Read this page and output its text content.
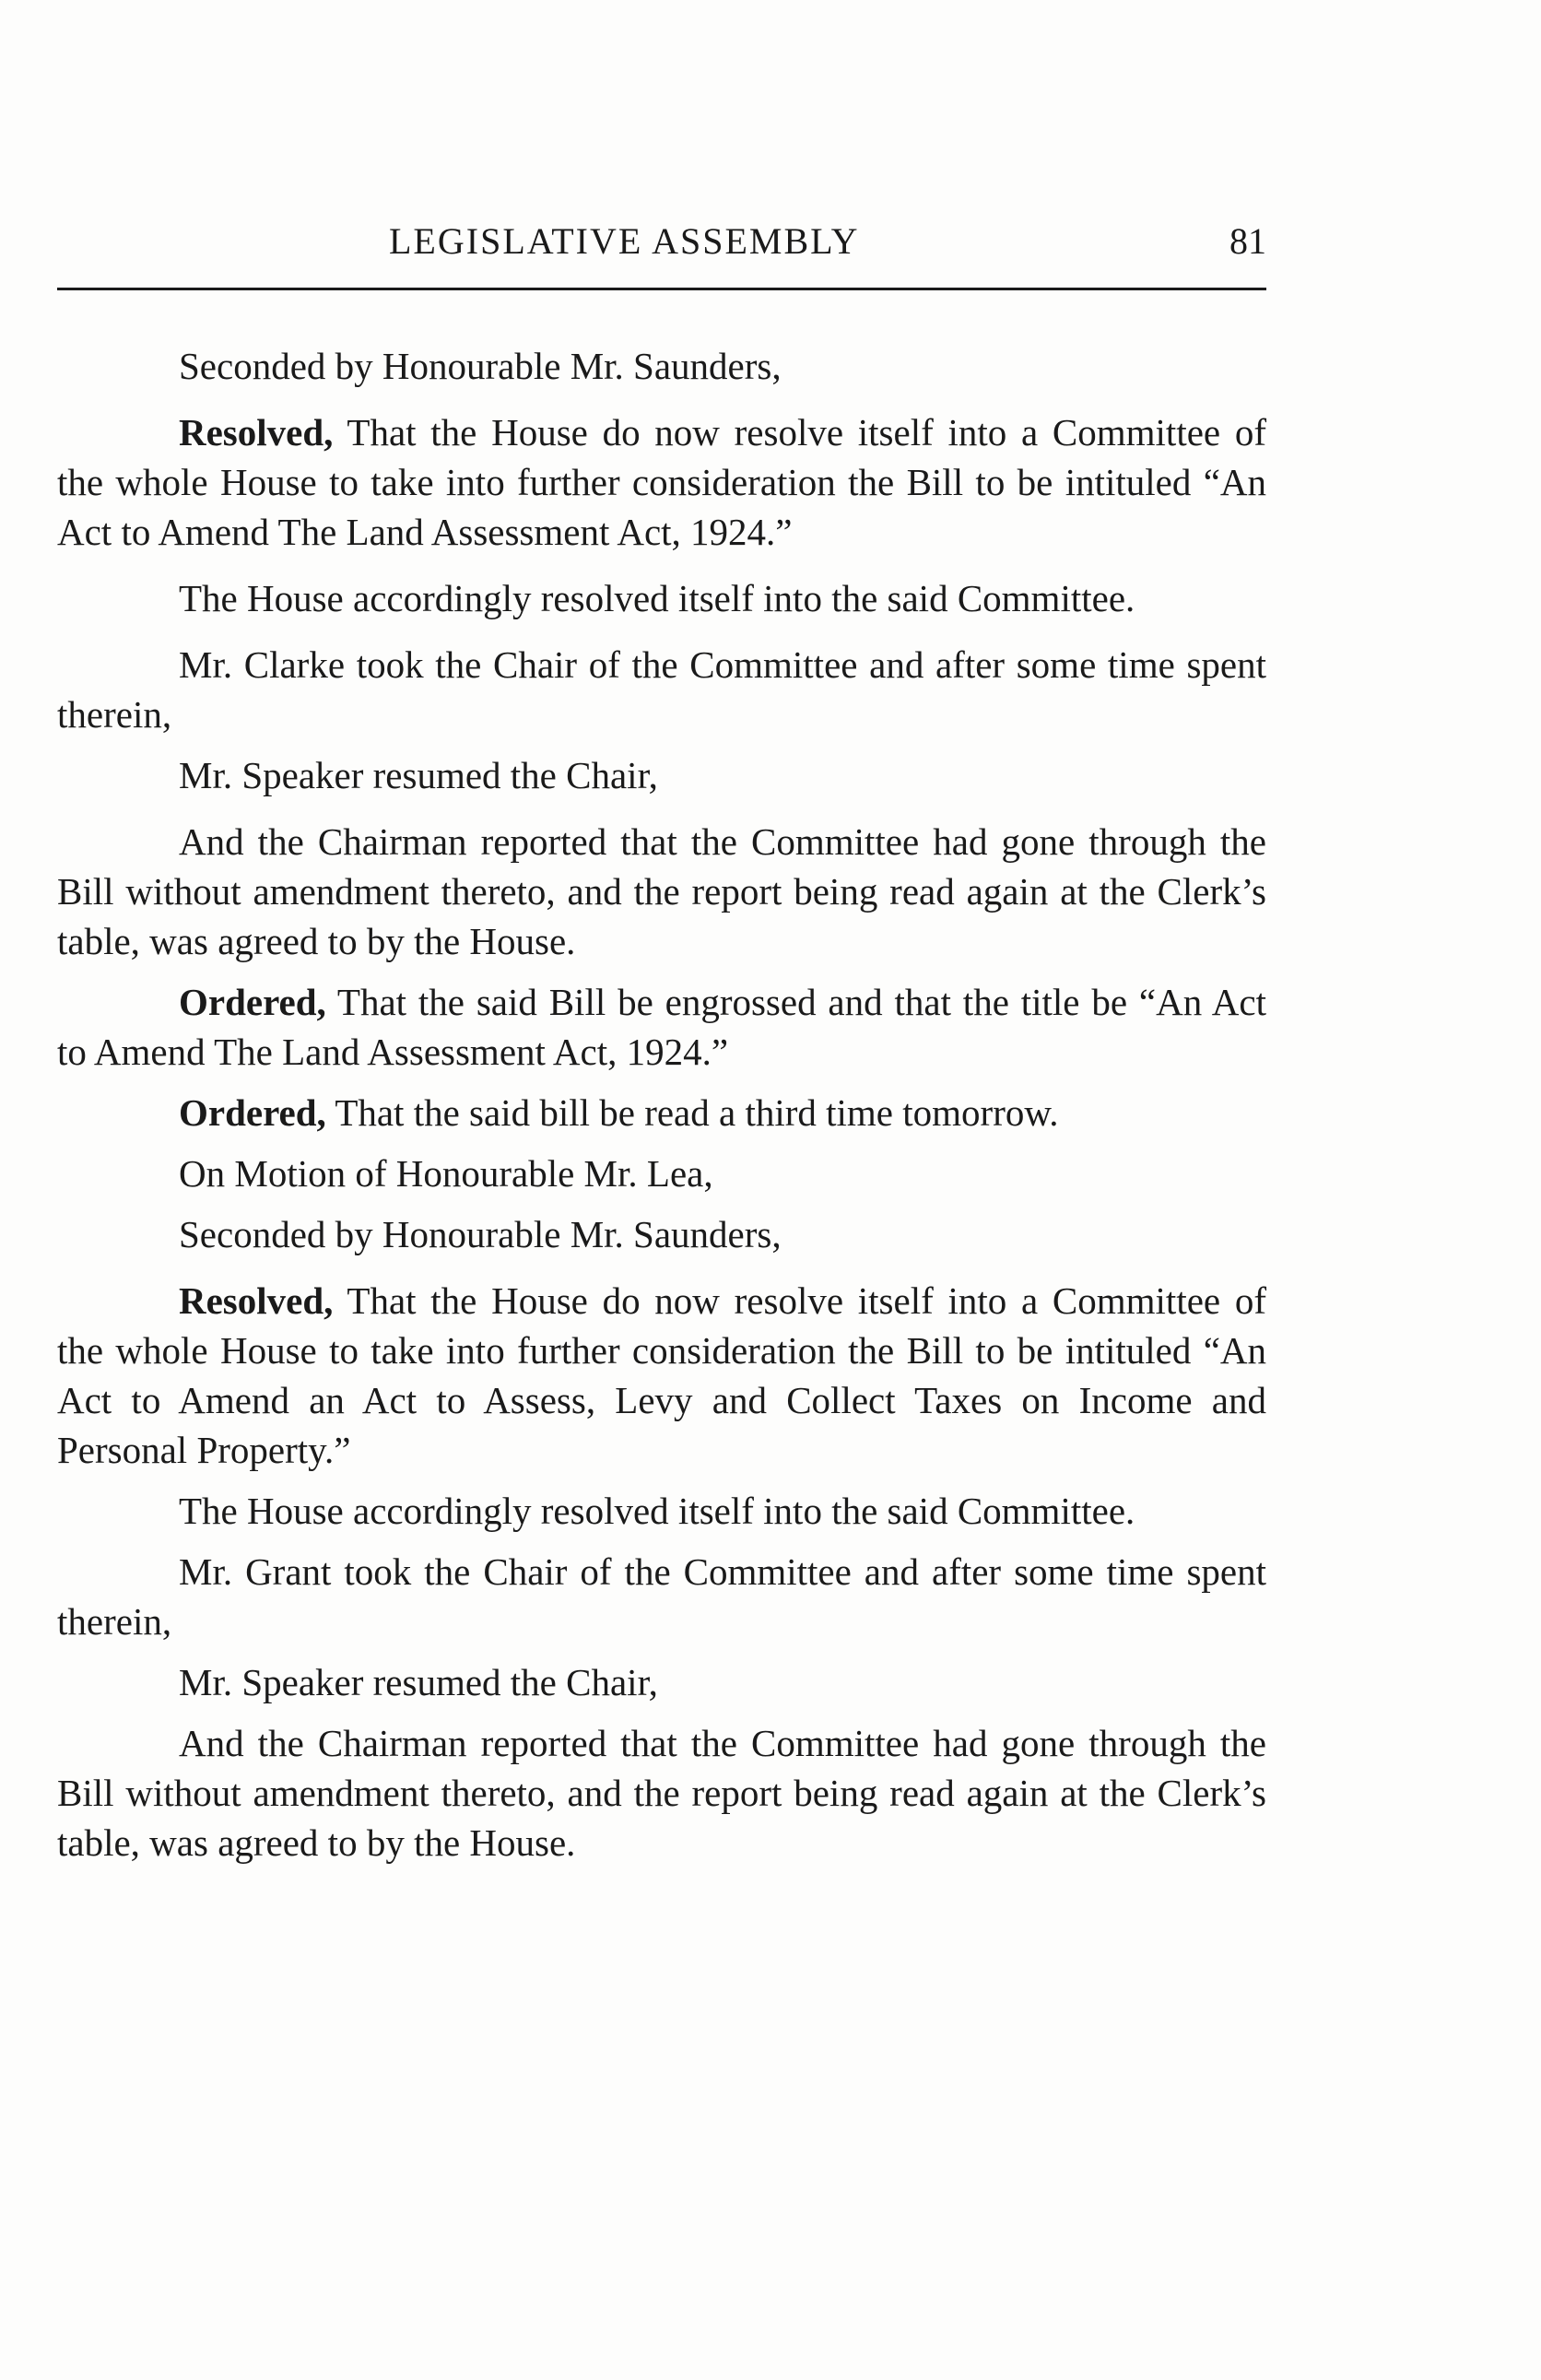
LEGISLATIVE ASSEMBLY	81

Seconded by Honourable Mr. Saunders,

Resolved, That the House do now resolve itself into a Committee of the whole House to take into further consideration the Bill to be intituled “An Act to Amend The Land Assessment Act, 1924.”

The House accordingly resolved itself into the said Committee.

Mr. Clarke took the Chair of the Committee and after some time spent therein,

Mr. Speaker resumed the Chair,

And the Chairman reported that the Committee had gone through the Bill without amendment thereto, and the report being read again at the Clerk’s table, was agreed to by the House.

Ordered, That the said Bill be engrossed and that the title be “An Act to Amend The Land Assessment Act, 1924.”

Ordered, That the said bill be read a third time tomorrow.

On Motion of Honourable Mr. Lea,

Seconded by Honourable Mr. Saunders,

Resolved, That the House do now resolve itself into a Committee of the whole House to take into further consideration the Bill to be intituled “An Act to Amend an Act to Assess, Levy and Collect Taxes on Income and Personal Property.”

The House accordingly resolved itself into the said Committee.

Mr. Grant took the Chair of the Committee and after some time spent therein,

Mr. Speaker resumed the Chair,

And the Chairman reported that the Committee had gone through the Bill without amendment thereto, and the report being read again at the Clerk’s table, was agreed to by the House.
